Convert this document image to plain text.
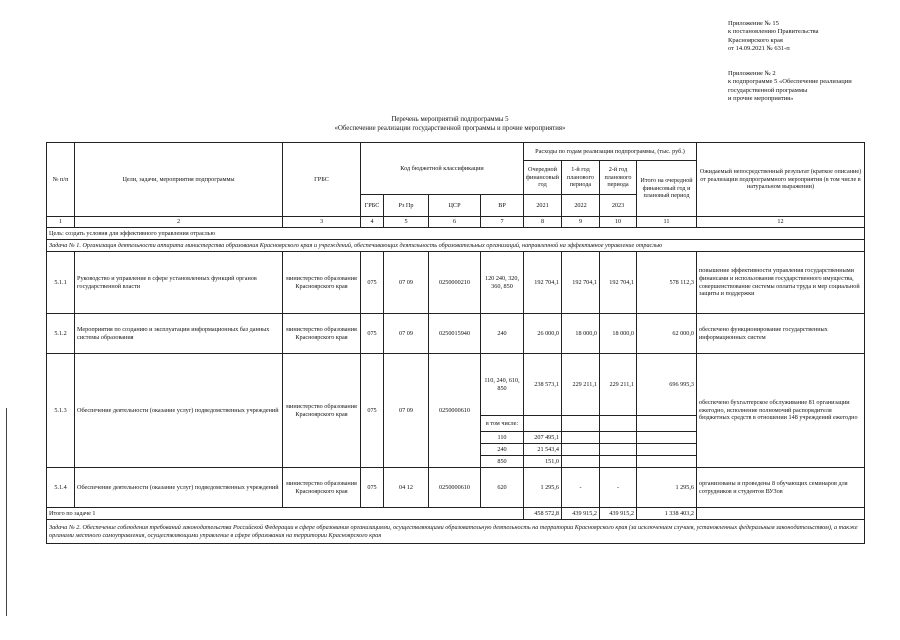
Приложение № 15
к постановлению Правительства
Красноярского края
от 14.09.2021 № 631-п
Приложение № 2
к подпрограмме 5 «Обеспечение реализации
государственной программы
и прочие мероприятия»
Перечень мероприятий подпрограммы 5
«Обеспечение реализации государственной программы и прочие мероприятия»
№ п/п	Цели, задачи, мероприятия подпрограммы	ГРБС	Код бюджетной классификации				Расходы по годам реализации подпрограммы, (тыс. руб.)				Ожидаемый непосредственный результат (краткое описание) от реализации подпрограммного мероприятия (в том числе в натуральном выражении)
							Очередной финансовый год	1-й год планового периода	2-й год планового периода	Итого на очередной финансовый год и плановый период	
			ГРБС	Рз Пр	ЦСР	ВР	2021	2022	2023		
1	2	3	4	5	6	7	8	9	10	11	12
Цель: создать условия для эффективного управления отраслью											
Задача № 1. Организация деятельности аппарата министерства образования Красноярского края и учреждений, обеспечивающих деятельность образовательных организаций, направленной на эффективное управление отраслью											
5.1.1	Руководство и управление в сфере установленных функций органов государственной власти	министерство образования Красноярского края	075	07 09	0250000210	120 240, 320, 360, 850	192 704,1	192 704,1	192 704,1	578 112,3	повышение эффективности управления государственными финансами и использования государственного имущества, совершенствование системы оплаты труда и мер социальной защиты и поддержки
5.1.2	Мероприятия по созданию и эксплуатации информационных баз данных системы образования	министерство образования Красноярского края	075	07 09	0250015940	240	26 000,0	18 000,0	18 000,0	62 000,0	обеспечено функционирование государственных информационных систем
5.1.3	Обеспечение деятельности (оказание услуг) подведомственных учреждений	министерство образования Красноярского края	075	07 09	0250000610	110, 240, 610, 850	238 573,1	229 211,1	229 211,1	696 995,3	обеспечено бухгалтерское обслуживание 81 организации ежегодно, исполнение полномочий распорядителя бюджетных средств в отношении 148 учреждений ежегодно
						в том числе:					
						110	207 495,1				
						240	21 543,4				
						850	151,0				
5.1.4	Обеспечение деятельности (оказание услуг) подведомственных учреждений	министерство образования Красноярского края	075	04 12	0250000610	620	1 295,6	-	-	1 295,6	организованы и проведены 8 обучающих семинаров для сотрудников и студентов ВУЗов
Итого по задаче 1							458 572,8	439 915,2	439 915,2	1 338 403,2	
Задача № 2. Обеспечение соблюдения требований законодательства Российской Федерации в сфере образования организациями, осуществляющими образовательную деятельность на территории Красноярского края (за исключением случаев, установленных федеральным законодательством), а также органами местного самоуправления, осуществляющими управление в сфере образования на территории Красноярского края											
